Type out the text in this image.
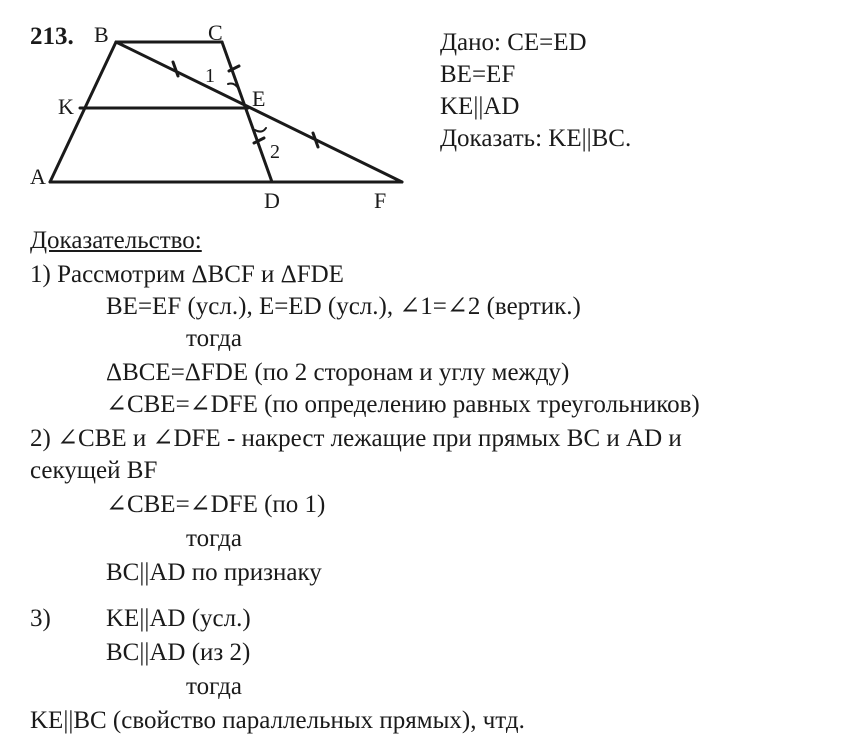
B	C
K	E
A
D	F
1
2
213.	Дано: CE=ED
BE=EF
KE||AD
Доказать: KE||BC.
Доказательство:
1) Рассмотрим ΔBCF и ΔFDE
BE=EF (усл.), E=ED (усл.), ∠1=∠2 (вертик.)
тогда
ΔBCE=ΔFDE (по 2 сторонам и углу между)
∠CBE=∠DFE (по определению равных треугольников)
2) ∠CBE и ∠DFE - накрест лежащие при прямых BC и AD и
секущей BF
∠CBE=∠DFE (по 1)
тогда
BC||AD по признаку
3) KE||AD (усл.)
BC||AD (из 2)
тогда
KE||BC (свойство параллельных прямых), чтд.
